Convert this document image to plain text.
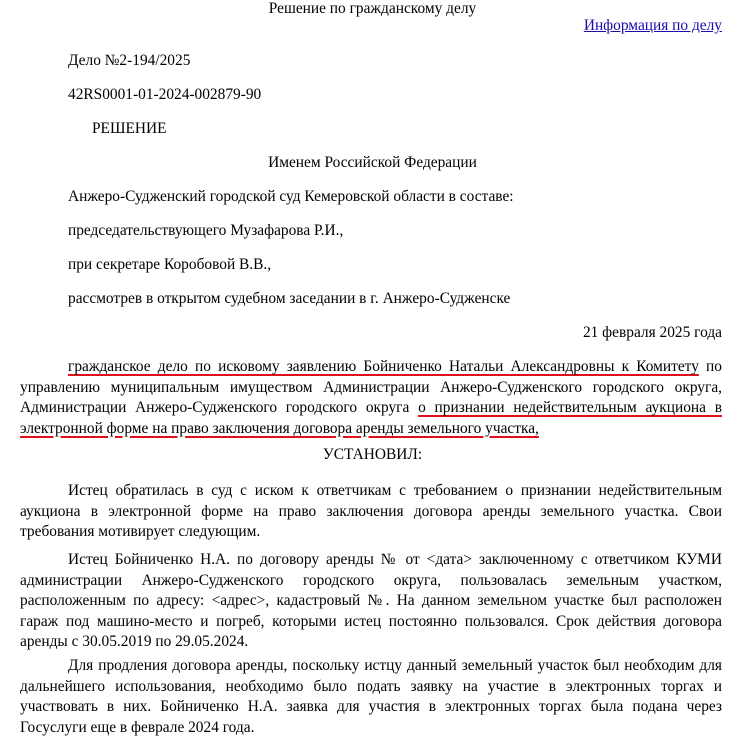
Решение по гражданскому делу
Информация по делу
Дело №2-194/2025
42RS0001-01-2024-002879-90
РЕШЕНИЕ
Именем Российской Федерации
Анжеро-Судженский городской суд Кемеровской области в составе:
председательствующего Музафарова Р.И.,
при секретаре Коробовой В.В.,
рассмотрев в открытом судебном заседании в г. Анжеро-Судженске
21 февраля 2025 года

гражданское дело по исковому заявлению Бойниченко Натальи Александровны к Комитету по управлению муниципальным имуществом Администрации Анжеро-Судженского городского округа, Администрации Анжеро-Судженского городского округа о признании недействительным аукциона в электронной форме на право заключения договора аренды земельного участка,

УСТАНОВИЛ:

Истец обратилась в суд с иском к ответчикам с требованием о признании недействительным аукциона в электронной форме на право заключения договора аренды земельного участка. Свои требования мотивирует следующим.

Истец Бойниченко Н.А. по договору аренды № от <дата> заключенному с ответчиком КУМИ администрации Анжеро-Судженского городского округа, пользовалась земельным участком, расположенным по адресу: <адрес>, кадастровый №. На данном земельном участке был расположен гараж под машино-место и погреб, которыми истец постоянно пользовался. Срок действия договора аренды с 30.05.2019 по 29.05.2024.

Для продления договора аренды, поскольку истцу данный земельный участок был необходим для дальнейшего использования, необходимо было подать заявку на участие в электронных торгах и участвовать в них. Бойниченко Н.А. заявка для участия в электронных торгах была подана через Госуслуги еще в феврале 2024 года.
